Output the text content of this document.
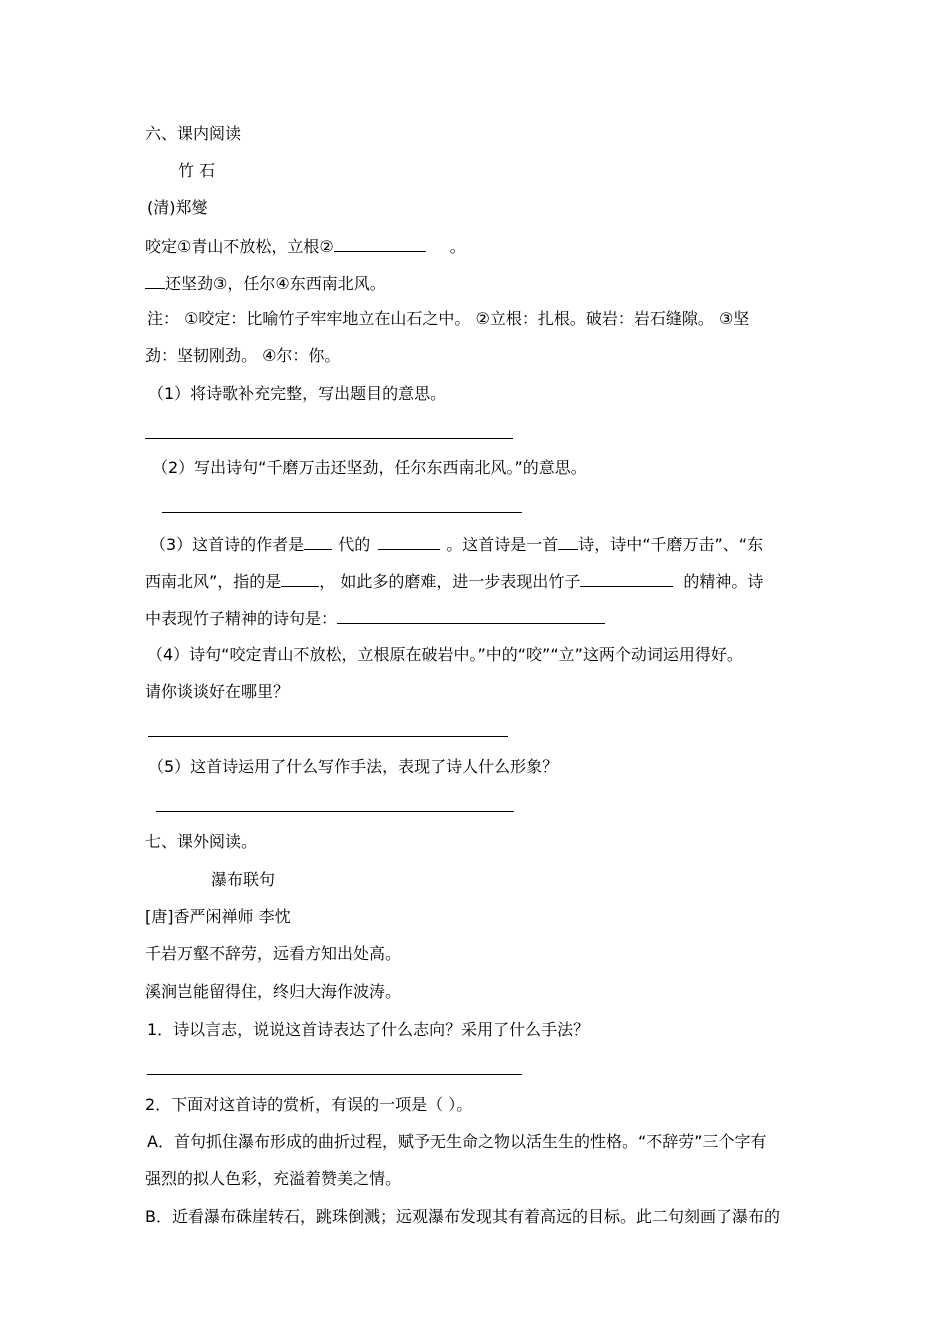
六、课内阅读
竹 石
(清)郑燮
咬定①青山不放松，立根②	。
还坚劲③，任尔④东西南北风。
注： ①咬定：比喻竹子牢牢地立在山石之中。 ②立根：扎根。破岩：岩石缝隙。 ③坚
劲：坚韧刚劲。 ④尔：你。
（1）将诗歌补充完整，写出题目的意思。
（2）写出诗句“千磨万击还坚劲，任尔东西南北风。”的意思。
（3）这首诗的作者是 代的	。这首诗是一首 诗，诗中“千磨万击”、“东
西南北风”，指的是 ， 如此多的磨难，进一步表现出竹子	的精神。诗
中表现竹子精神的诗句是：
（4）诗句“咬定青山不放松，立根原在破岩中。”中的“咬”“立”这两个动词运用得好。
请你谈谈好在哪里？
（5）这首诗运用了什么写作手法，表现了诗人什么形象？
七、课外阅读。
瀑布联句
[唐]香严闲禅师 李忱
千岩万壑不辞劳，远看方知出处高。
溪涧岂能留得住，终归大海作波涛。
1．诗以言志，说说这首诗表达了什么志向？采用了什么手法？
2．下面对这首诗的赏析，有误的一项是（ ）。
A．首句抓住瀑布形成的曲折过程，赋予无生命之物以活生生的性格。“不辞劳”三个字有
强烈的拟人色彩，充溢着赞美之情。
B．近看瀑布硃崖转石，跳珠倒溅；远观瀑布发现其有着高远的目标。此二句刻画了瀑布的
